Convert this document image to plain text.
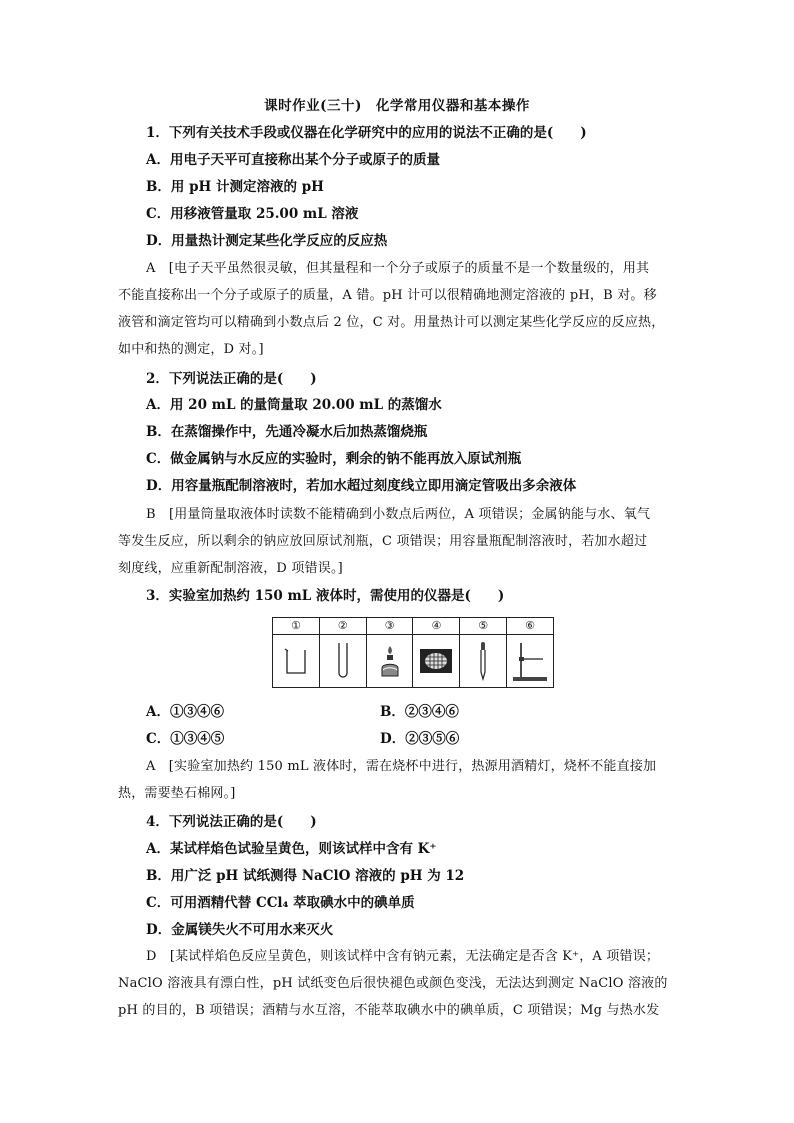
课时作业(三十)　化学常用仪器和基本操作
1．下列有关技术手段或仪器在化学研究中的应用的说法不正确的是(　　)
A．用电子天平可直接称出某个分子或原子的质量
B．用 pH 计测定溶液的 pH
C．用移液管量取 25.00 mL 溶液
D．用量热计测定某些化学反应的反应热
A　[电子天平虽然很灵敏，但其量程和一个分子或原子的质量不是一个数量级的，用其
不能直接称出一个分子或原子的质量，A 错。pH 计可以很精确地测定溶液的 pH，B 对。移
液管和滴定管均可以精确到小数点后 2 位，C 对。用量热计可以测定某些化学反应的反应热，
如中和热的测定，D 对。]
2．下列说法正确的是(　　)
A．用 20 mL 的量筒量取 20.00 mL 的蒸馏水
B．在蒸馏操作中，先通冷凝水后加热蒸馏烧瓶
C．做金属钠与水反应的实验时，剩余的钠不能再放入原试剂瓶
D．用容量瓶配制溶液时，若加水超过刻度线立即用滴定管吸出多余液体
B　[用量筒量取液体时读数不能精确到小数点后两位，A 项错误；金属钠能与水、氧气
等发生反应，所以剩余的钠应放回原试剂瓶，C 项错误；用容量瓶配制溶液时，若加水超过
刻度线，应重新配制溶液，D 项错误。]
3．实验室加热约 150 mL 液体时，需使用的仪器是(　　)
①	②	③	④	⑤	⑥
A．①③④⑥	B．②③④⑥
C．①③④⑤	D．②③⑤⑥
A　[实验室加热约 150 mL 液体时，需在烧杯中进行，热源用酒精灯，烧杯不能直接加
热，需要垫石棉网。]
4．下列说法正确的是(　　)
A．某试样焰色试验呈黄色，则该试样中含有 K⁺
B．用广泛 pH 试纸测得 NaClO 溶液的 pH 为 12
C．可用酒精代替 CCl₄ 萃取碘水中的碘单质
D．金属镁失火不可用水来灭火
D　[某试样焰色反应呈黄色，则该试样中含有钠元素，无法确定是否含 K⁺，A 项错误；
NaClO 溶液具有漂白性，pH 试纸变色后很快褪色或颜色变浅，无法达到测定 NaClO 溶液的
pH 的目的，B 项错误；酒精与水互溶，不能萃取碘水中的碘单质，C 项错误；Mg 与热水发
